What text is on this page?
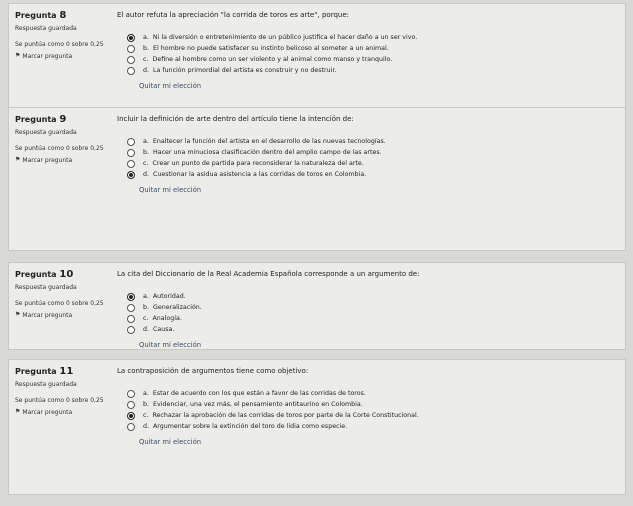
Pregunta 8
Respuesta guardada
Se puntúa como 0 sobre 0,25
⚑ Marcar pregunta
El autor refuta la apreciación "la corrida de toros es arte", porque:
a. Ni la diversión o entretenimiento de un público justifica el hacer daño a un ser vivo.
b. El hombre no puede satisfacer su instinto belicoso al someter a un animal.
c. Define al hombre como un ser violento y al animal como manso y tranquilo.
d. La función primordial del artista es construir y no destruir.
Quitar mi elección
Pregunta 9
Respuesta guardada
Se puntúa como 0 sobre 0,25
⚑ Marcar pregunta
Incluir la definición de arte dentro del artículo tiene la intención de:
a. Enaltecer la función del artista en el desarrollo de las nuevas tecnologías.
b. Hacer una minuciosa clasificación dentro del amplio campo de las artes.
c. Crear un punto de partida para reconsiderar la naturaleza del arte.
d. Cuestionar la asidua asistencia a las corridas de toros en Colombia.
Quitar mi elección
Pregunta 10
Respuesta guardada
Se puntúa como 0 sobre 0,25
⚑ Marcar pregunta
La cita del Diccionario de la Real Academia Española corresponde a un argumento de:
a. Autoridad.
b. Generalización.
c. Analogía.
d. Causa.
Quitar mi elección
Pregunta 11
Respuesta guardada
Se puntúa como 0 sobre 0,25
⚑ Marcar pregunta
La contraposición de argumentos tiene como objetivo:
a. Estar de acuerdo con los que están a favor de las corridas de toros.
b. Evidenciar, una vez más, el pensamiento antitaurino en Colombia.
c. Rechazar la aprobación de las corridas de toros por parte de la Corte Constitucional.
d. Argumentar sobre la extinción del toro de lidia como especie.
Quitar mi elección
